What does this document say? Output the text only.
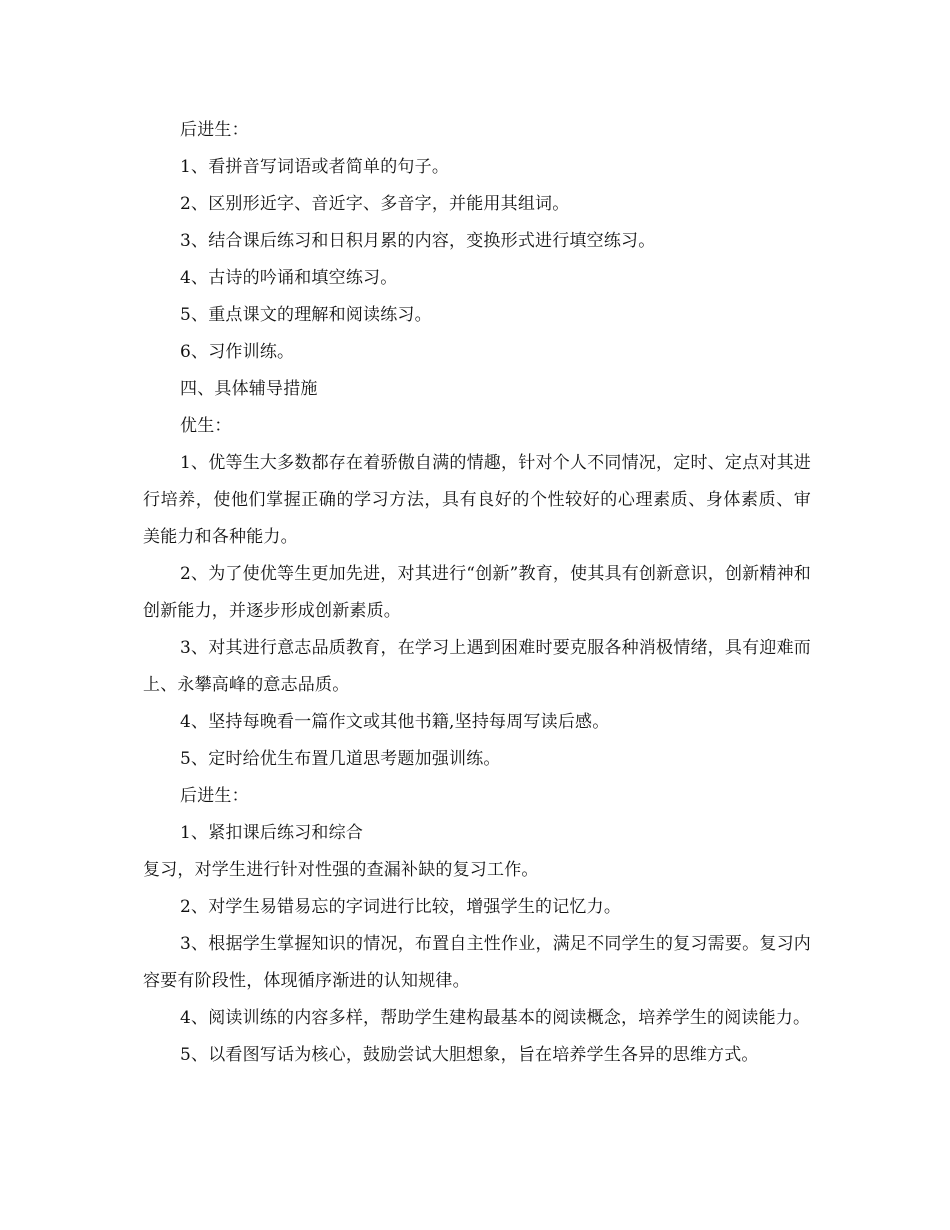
后进生：

1、看拼音写词语或者简单的句子。

2、区别形近字、音近字、多音字，并能用其组词。

3、结合课后练习和日积月累的内容，变换形式进行填空练习。

4、古诗的吟诵和填空练习。

5、重点课文的理解和阅读练习。

6、习作训练。

四、具体辅导措施

优生：

1、优等生大多数都存在着骄傲自满的情趣，针对个人不同情况，定时、定点对其进行培养，使他们掌握正确的学习方法，具有良好的个性较好的心理素质、身体素质、审美能力和各种能力。

2、为了使优等生更加先进，对其进行“创新”教育，使其具有创新意识，创新精神和创新能力，并逐步形成创新素质。

3、对其进行意志品质教育，在学习上遇到困难时要克服各种消极情绪，具有迎难而上、永攀高峰的意志品质。

4、坚持每晚看一篇作文或其他书籍,坚持每周写读后感。

5、定时给优生布置几道思考题加强训练。

后进生：

1、紧扣课后练习和综合

复习，对学生进行针对性强的查漏补缺的复习工作。

2、对学生易错易忘的字词进行比较，增强学生的记忆力。

3、根据学生掌握知识的情况，布置自主性作业，满足不同学生的复习需要。复习内容要有阶段性，体现循序渐进的认知规律。

4、阅读训练的内容多样，帮助学生建构最基本的阅读概念，培养学生的阅读能力。

5、以看图写话为核心，鼓励尝试大胆想象，旨在培养学生各异的思维方式。
